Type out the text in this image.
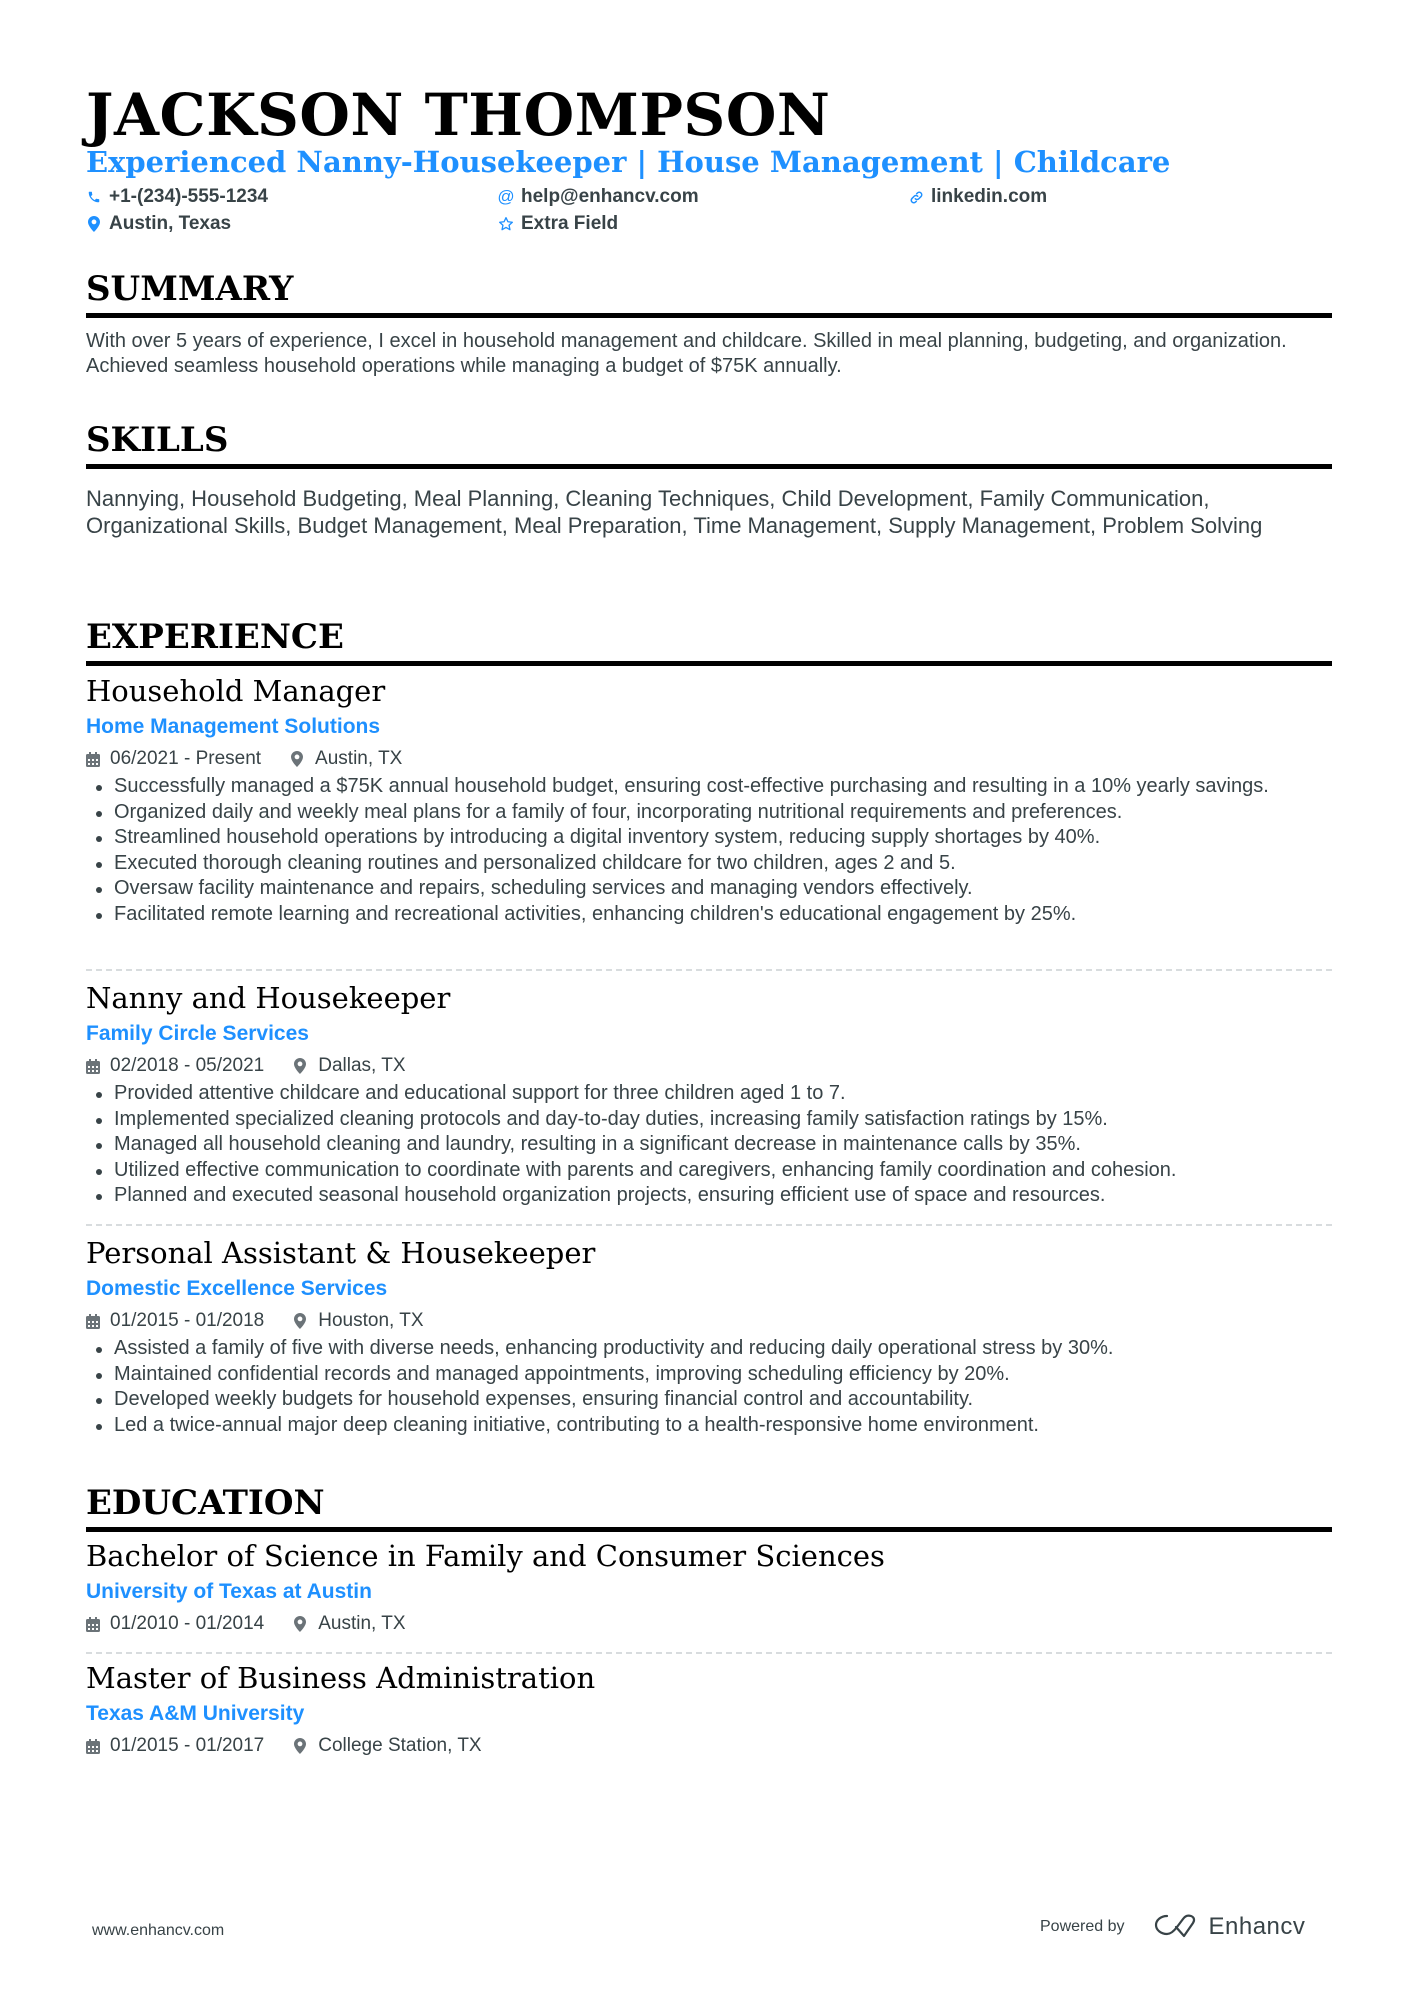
JACKSON THOMPSON
Experienced Nanny-Housekeeper | House Management | Childcare
+1-(234)-555-1234	@ help@enhancv.com	linkedin.com
Austin, Texas	Extra Field
SUMMARY
With over 5 years of experience, I excel in household management and childcare. Skilled in meal planning, budgeting, and organization. Achieved seamless household operations while managing a budget of $75K annually.
SKILLS
Nannying, Household Budgeting, Meal Planning, Cleaning Techniques, Child Development, Family Communication, Organizational Skills, Budget Management, Meal Preparation, Time Management, Supply Management, Problem Solving
EXPERIENCE
Household Manager
Home Management Solutions
06/2021 - Present	Austin, TX
Successfully managed a $75K annual household budget, ensuring cost-effective purchasing and resulting in a 10% yearly savings.
Organized daily and weekly meal plans for a family of four, incorporating nutritional requirements and preferences.
Streamlined household operations by introducing a digital inventory system, reducing supply shortages by 40%.
Executed thorough cleaning routines and personalized childcare for two children, ages 2 and 5.
Oversaw facility maintenance and repairs, scheduling services and managing vendors effectively.
Facilitated remote learning and recreational activities, enhancing children's educational engagement by 25%.
Nanny and Housekeeper
Family Circle Services
02/2018 - 05/2021	Dallas, TX
Provided attentive childcare and educational support for three children aged 1 to 7.
Implemented specialized cleaning protocols and day-to-day duties, increasing family satisfaction ratings by 15%.
Managed all household cleaning and laundry, resulting in a significant decrease in maintenance calls by 35%.
Utilized effective communication to coordinate with parents and caregivers, enhancing family coordination and cohesion.
Planned and executed seasonal household organization projects, ensuring efficient use of space and resources.
Personal Assistant & Housekeeper
Domestic Excellence Services
01/2015 - 01/2018	Houston, TX
Assisted a family of five with diverse needs, enhancing productivity and reducing daily operational stress by 30%.
Maintained confidential records and managed appointments, improving scheduling efficiency by 20%.
Developed weekly budgets for household expenses, ensuring financial control and accountability.
Led a twice-annual major deep cleaning initiative, contributing to a health-responsive home environment.
EDUCATION
Bachelor of Science in Family and Consumer Sciences
University of Texas at Austin
01/2010 - 01/2014	Austin, TX
Master of Business Administration
Texas A&M University
01/2015 - 01/2017	College Station, TX
www.enhancv.com	Powered by	Enhancv
